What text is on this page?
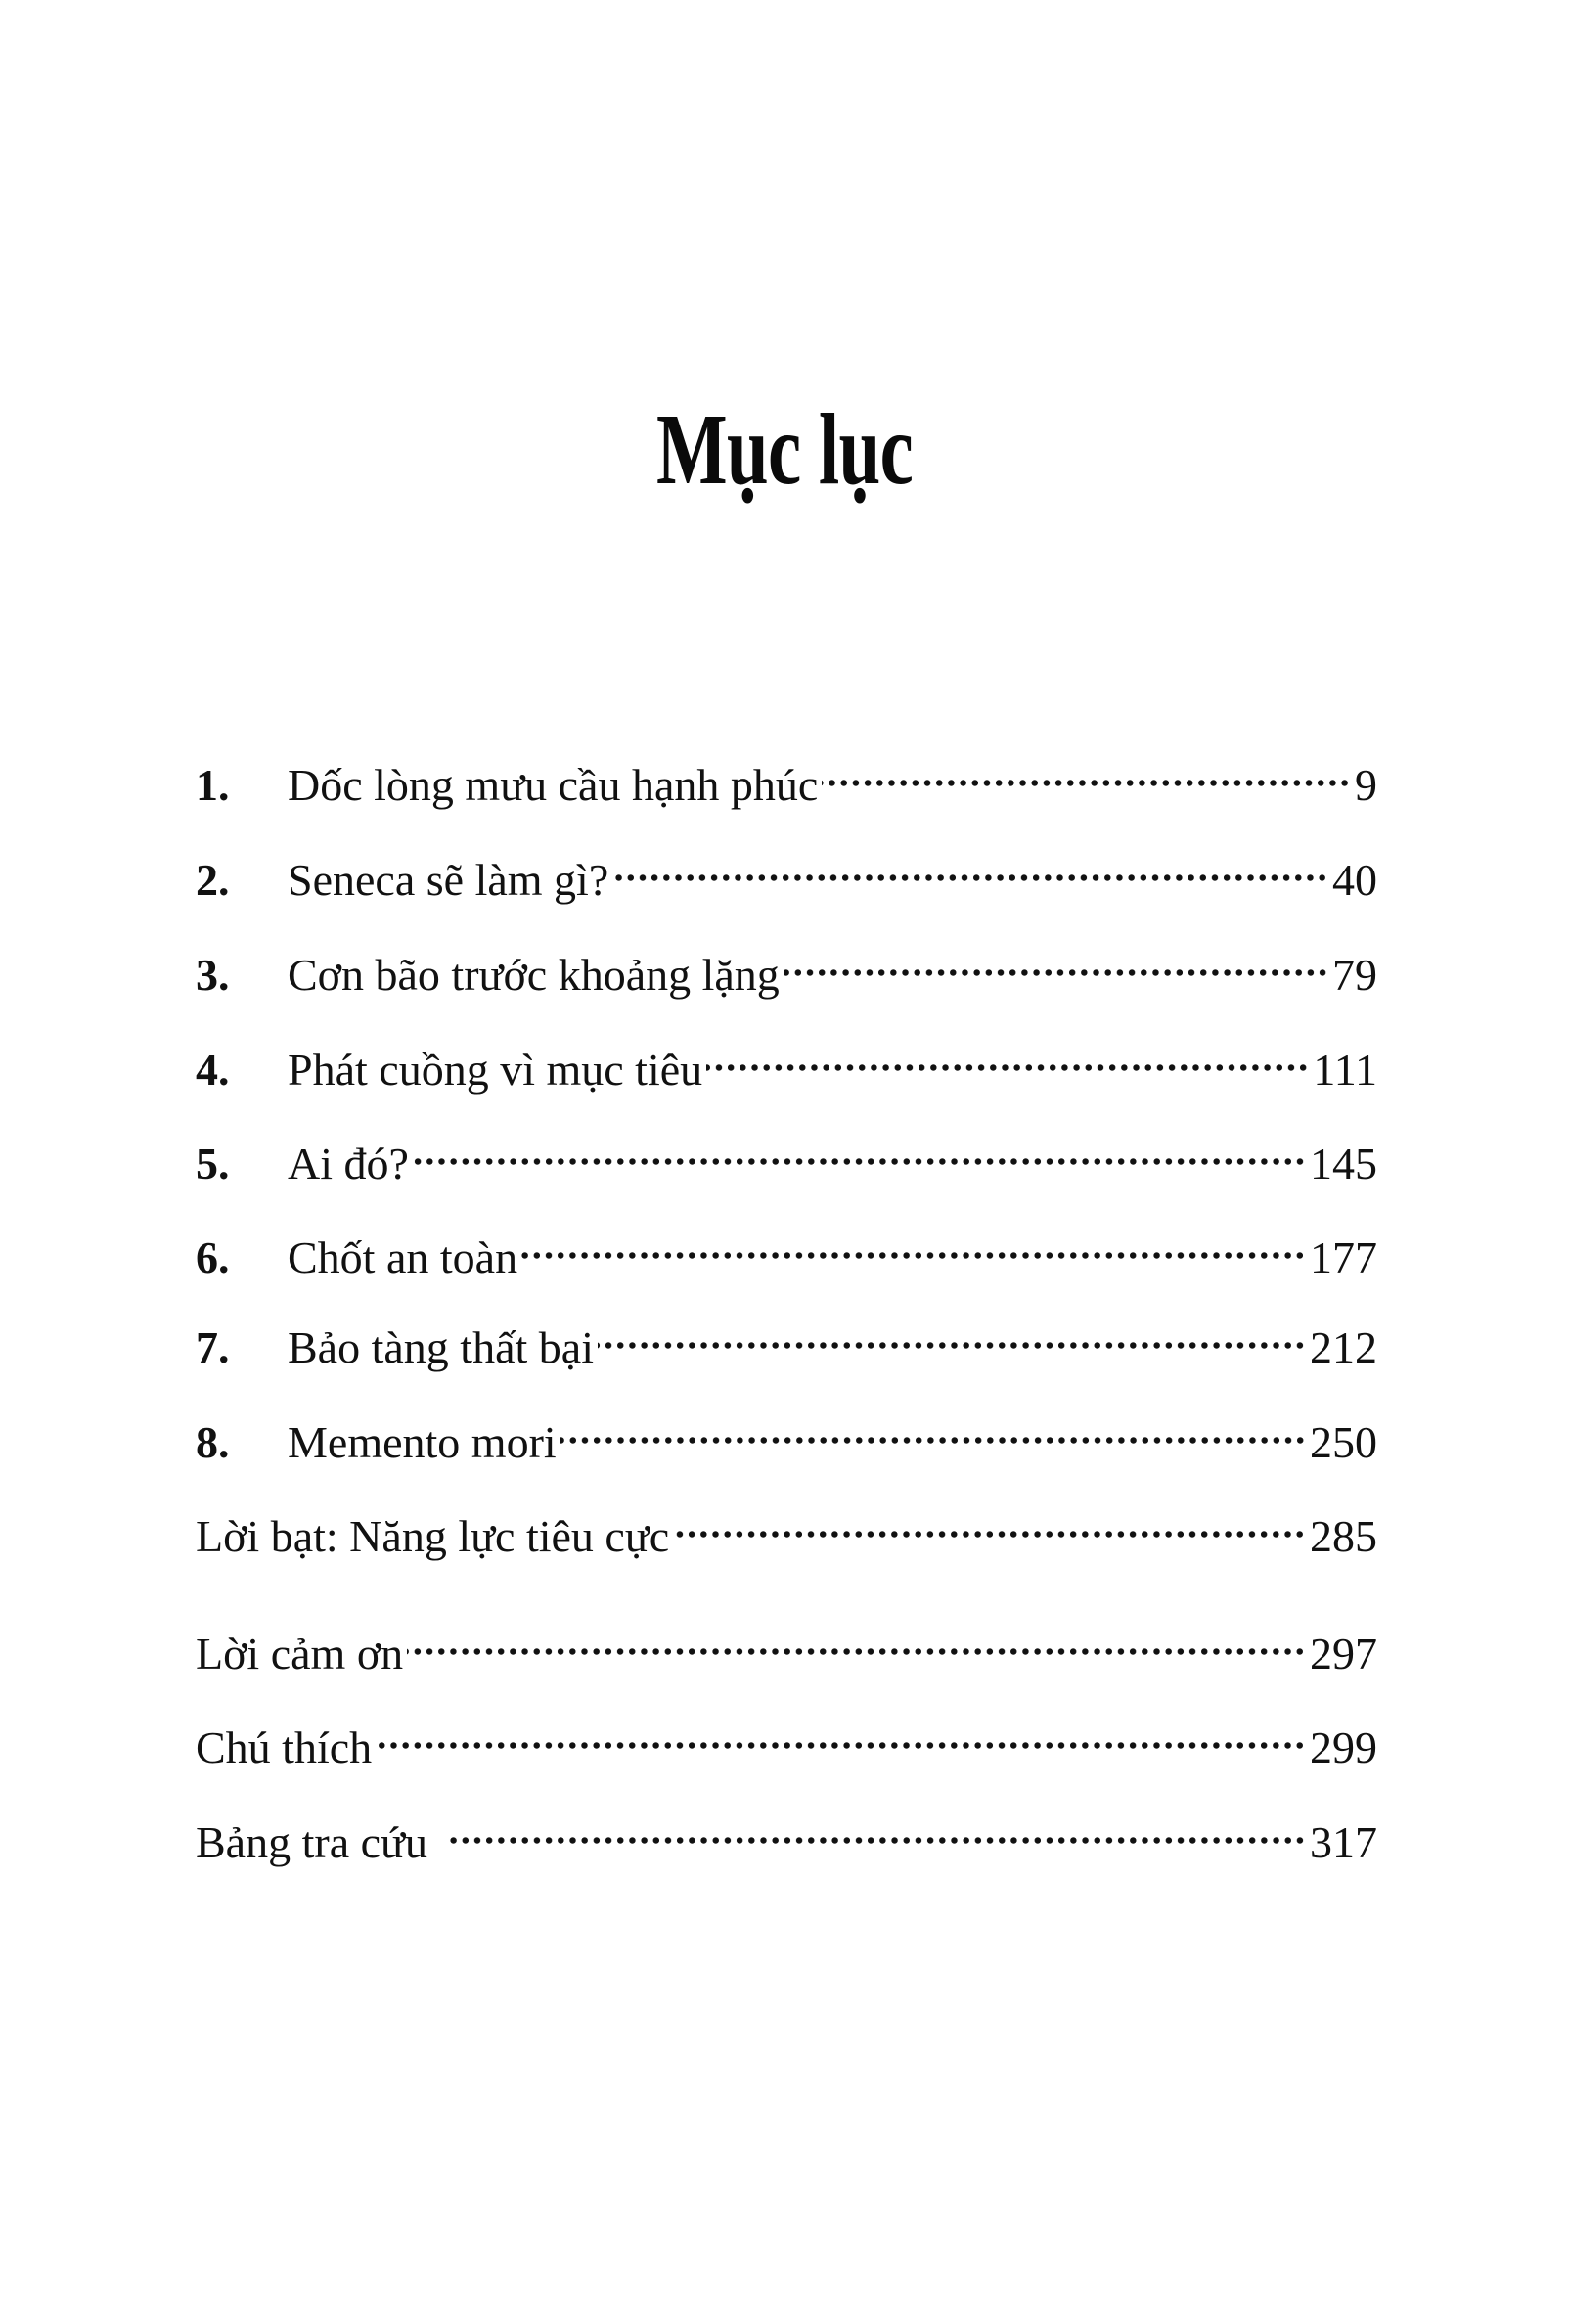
Mục lục
1.	Dốc lòng mưu cầu hạnh phúc	9
2.	Seneca sẽ làm gì?	40
3.	Cơn bão trước khoảng lặng	79
4.	Phát cuồng vì mục tiêu	111
5.	Ai đó?	145
6.	Chốt an toàn	177
7.	Bảo tàng thất bại	212
8.	Memento mori	250
Lời bạt: Năng lực tiêu cực	285
Lời cảm ơn	297
Chú thích	299
Bảng tra cứu	317
